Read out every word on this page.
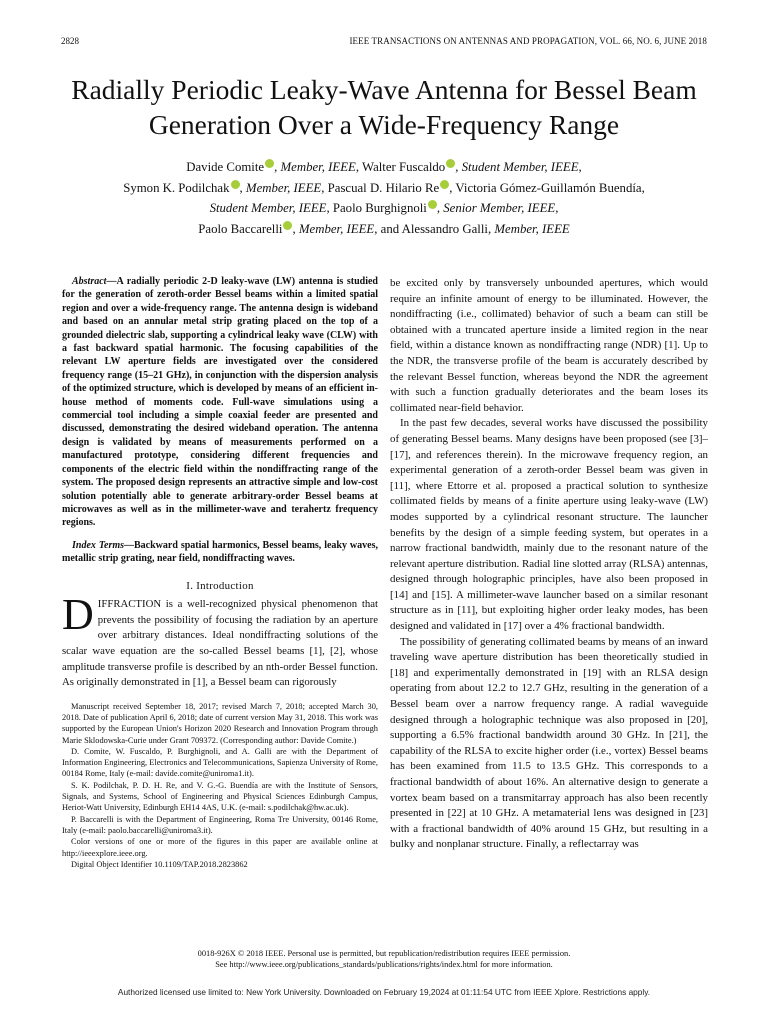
2828	IEEE TRANSACTIONS ON ANTENNAS AND PROPAGATION, VOL. 66, NO. 6, JUNE 2018
Radially Periodic Leaky-Wave Antenna for Bessel Beam Generation Over a Wide-Frequency Range
Davide Comite , Member, IEEE, Walter Fuscaldo , Student Member, IEEE,
Symon K. Podilchak , Member, IEEE, Pascual D. Hilario Re , Victoria Gómez-Guillamón Buendía,
Student Member, IEEE, Paolo Burghignoli , Senior Member, IEEE,
Paolo Baccarelli , Member, IEEE, and Alessandro Galli, Member, IEEE

Abstract—A radially periodic 2-D leaky-wave (LW) antenna is studied for the generation of zeroth-order Bessel beams within a limited spatial region and over a wide-frequency range. The antenna design is wideband and based on an annular metal strip grating placed on the top of a grounded dielectric slab, supporting a cylindrical leaky wave (CLW) with a fast backward spatial harmonic. The focusing capabilities of the relevant LW aperture fields are investigated over the considered frequency range (15–21 GHz), in conjunction with the dispersion analysis of the optimized structure, which is developed by means of an efficient in-house method of moments code. Full-wave simulations using a commercial tool including a simple coaxial feeder are presented and discussed, demonstrating the desired wideband operation. The antenna design is validated by means of measurements performed on a manufactured prototype, considering different frequencies and components of the electric field within the nondiffracting range of the system. The proposed design represents an attractive simple and low-cost solution potentially able to generate arbitrary-order Bessel beams at microwaves as well as in the millimeter-wave and terahertz frequency regions.

Index Terms—Backward spatial harmonics, Bessel beams, leaky waves, metallic strip grating, near field, nondiffracting waves.

I. Introduction

DIFFRACTION is a well-recognized physical phenomenon that prevents the possibility of focusing the radiation by an aperture over arbitrary distances. Ideal nondiffracting solutions of the scalar wave equation are the so-called Bessel beams [1], [2], whose amplitude transverse profile is described by an nth-order Bessel function. As originally demonstrated in [1], a Bessel beam can rigorously

Manuscript received September 18, 2017; revised March 7, 2018; accepted March 30, 2018. Date of publication April 6, 2018; date of current version May 31, 2018. This work was supported by the European Union's Horizon 2020 Research and Innovation Program through Marie Sklodowska-Curie under Grant 709372. (Corresponding author: Davide Comite.)

D. Comite, W. Fuscaldo, P. Burghignoli, and A. Galli are with the Department of Information Engineering, Electronics and Telecommunications, Sapienza University of Rome, 00184 Rome, Italy (e-mail: davide.comite@uniroma1.it).

S. K. Podilchak, P. D. H. Re, and V. G.-G. Buendía are with the Institute of Sensors, Signals, and Systems, School of Engineering and Physical Sciences Edinburgh Campus, Heriot-Watt University, Edinburgh EH14 4AS, U.K. (e-mail: s.podilchak@hw.ac.uk).

P. Baccarelli is with the Department of Engineering, Roma Tre University, 00146 Rome, Italy (e-mail: paolo.baccarelli@uniroma3.it).

Color versions of one or more of the figures in this paper are available online at http://ieeexplore.ieee.org.

Digital Object Identifier 10.1109/TAP.2018.2823862

be excited only by transversely unbounded apertures, which would require an infinite amount of energy to be illuminated. However, the nondiffracting (i.e., collimated) behavior of such a beam can still be obtained with a truncated aperture inside a limited region in the near field, within a distance known as nondiffracting range (NDR) [1]. Up to the NDR, the transverse profile of the beam is accurately described by the relevant Bessel function, whereas beyond the NDR the agreement with such a function gradually deteriorates and the beam loses its collimated near-field behavior.

In the past few decades, several works have discussed the possibility of generating Bessel beams. Many designs have been proposed (see [3]–[17], and references therein). In the microwave frequency region, an experimental generation of a zeroth-order Bessel beam was given in [11], where Ettorre et al. proposed a practical solution to synthesize collimated fields by means of a finite aperture using leaky-wave (LW) modes supported by a cylindrical resonant structure. The launcher benefits by the design of a simple feeding system, but operates in a narrow fractional bandwidth, mainly due to the resonant nature of the relevant aperture distribution. Radial line slotted array (RLSA) antennas, designed through holographic principles, have also been proposed in [14] and [15]. A millimeter-wave launcher based on a similar resonant structure as in [11], but exploiting higher order leaky modes, has been designed and validated in [17] over a 4% fractional bandwidth.

The possibility of generating collimated beams by means of an inward traveling wave aperture distribution has been theoretically studied in [18] and experimentally demonstrated in [19] with an RLSA design operating from about 12.2 to 12.7 GHz, resulting in the generation of a Bessel beam over a narrow frequency range. A radial waveguide designed through a holographic technique was also proposed in [20], supporting a 6.5% fractional bandwidth around 30 GHz. In [21], the capability of the RLSA to excite higher order (i.e., vortex) Bessel beams has been examined from 11.5 to 13.5 GHz. This corresponds to a fractional bandwidth of about 16%. An alternative design to generate a vortex beam based on a transmitarray approach has also been recently presented in [22] at 10 GHz. A metamaterial lens was designed in [23] with a fractional bandwidth of 40% around 15 GHz, but resulting in a bulky and nonplanar structure. Finally, a reflectarray was

0018-926X © 2018 IEEE. Personal use is permitted, but republication/redistribution requires IEEE permission.
See http://www.ieee.org/publications_standards/publications/rights/index.html for more information.
Authorized licensed use limited to: New York University. Downloaded on February 19,2024 at 01:11:54 UTC from IEEE Xplore. Restrictions apply.
